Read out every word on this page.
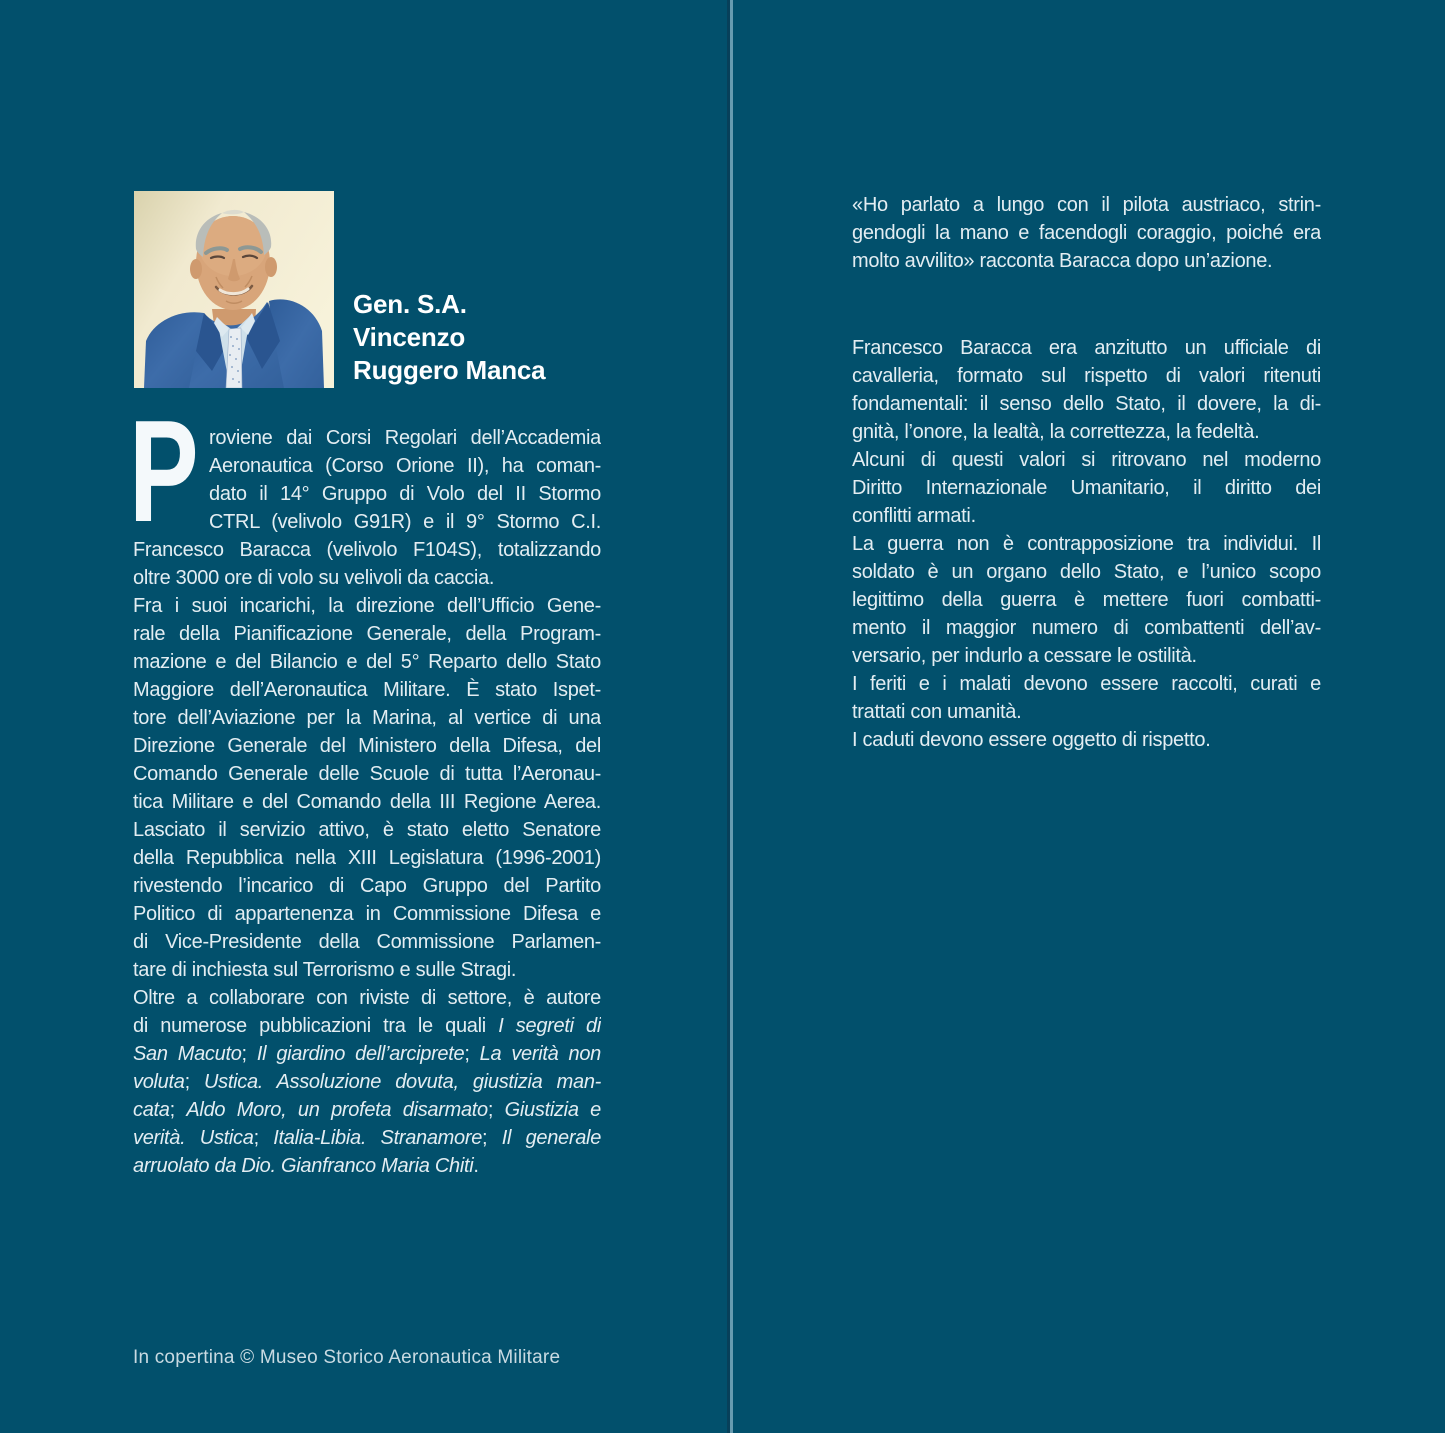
Gen. S.A.
Vincenzo
Ruggero Manca
P roviene dai Corsi Regolari dell’Accademia
Aeronautica (Corso Orione II), ha coman-
dato il 14° Gruppo di Volo del II Stormo
CTRL (velivolo G91R) e il 9° Stormo C.I.
Francesco Baracca (velivolo F104S), totalizzando
oltre 3000 ore di volo su velivoli da caccia.
Fra i suoi incarichi, la direzione dell’Ufficio Gene-
rale della Pianificazione Generale, della Program-
mazione e del Bilancio e del 5° Reparto dello Stato
Maggiore dell’Aeronautica Militare. È stato Ispet-
tore dell’Aviazione per la Marina, al vertice di una
Direzione Generale del Ministero della Difesa, del
Comando Generale delle Scuole di tutta l’Aeronau-
tica Militare e del Comando della III Regione Aerea.
Lasciato il servizio attivo, è stato eletto Senatore
della Repubblica nella XIII Legislatura (1996-2001)
rivestendo l’incarico di Capo Gruppo del Partito
Politico di appartenenza in Commissione Difesa e
di Vice-Presidente della Commissione Parlamen-
tare di inchiesta sul Terrorismo e sulle Stragi.
Oltre a collaborare con riviste di settore, è autore
di numerose pubblicazioni tra le quali I segreti di
San Macuto; Il giardino dell’arciprete; La verità non
voluta; Ustica. Assoluzione dovuta, giustizia man-
cata; Aldo Moro, un profeta disarmato; Giustizia e
verità. Ustica; Italia-Libia. Stranamore; Il generale
arruolato da Dio. Gianfranco Maria Chiti.
In copertina © Museo Storico Aeronautica Militare
«Ho parlato a lungo con il pilota austriaco, strin-
gendogli la mano e facendogli coraggio, poiché era
molto avvilito» racconta Baracca dopo un’azione.
Francesco Baracca era anzitutto un ufficiale di
cavalleria, formato sul rispetto di valori ritenuti
fondamentali: il senso dello Stato, il dovere, la di-
gnità, l’onore, la lealtà, la correttezza, la fedeltà.
Alcuni di questi valori si ritrovano nel moderno
Diritto Internazionale Umanitario, il diritto dei
conflitti armati.
La guerra non è contrapposizione tra individui. Il
soldato è un organo dello Stato, e l’unico scopo
legittimo della guerra è mettere fuori combatti-
mento il maggior numero di combattenti dell’av-
versario, per indurlo a cessare le ostilità.
I feriti e i malati devono essere raccolti, curati e
trattati con umanità.
I caduti devono essere oggetto di rispetto.
